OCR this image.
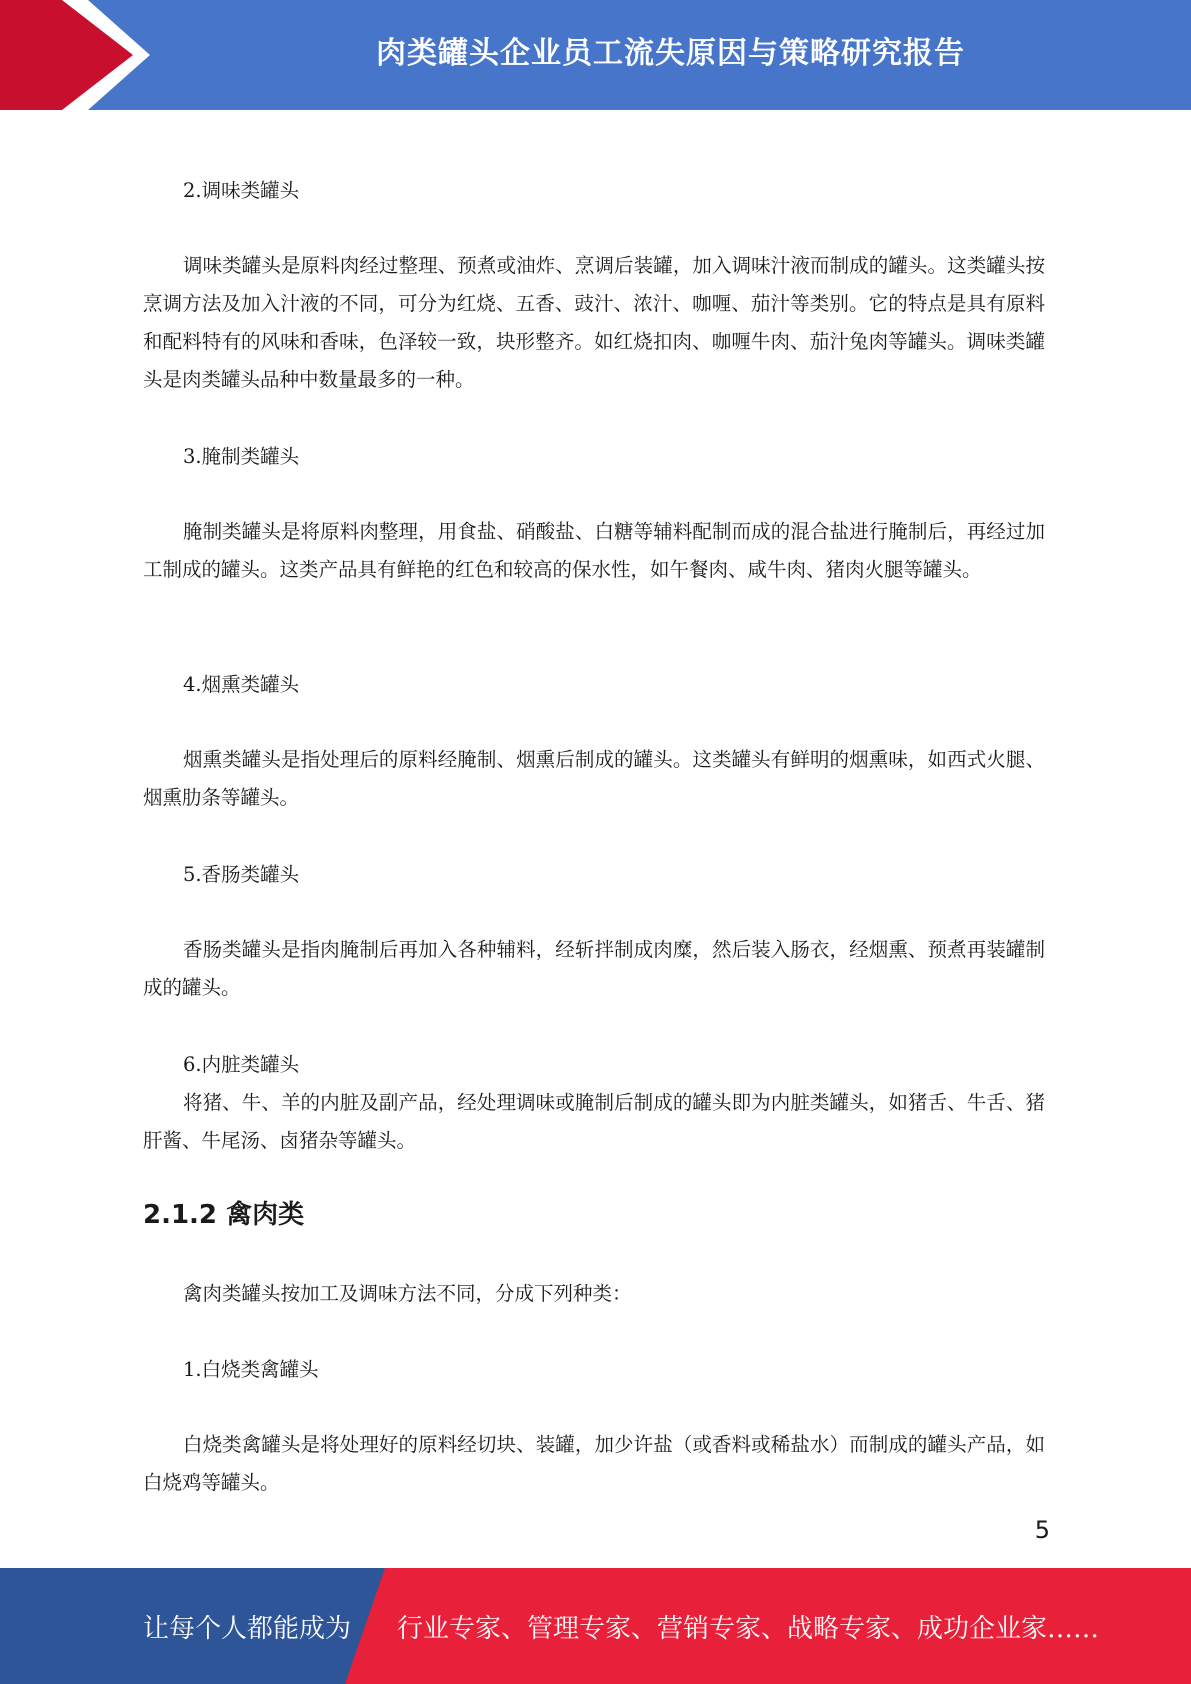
肉类罐头企业员工流失原因与策略研究报告

2.调味类罐头

调味类罐头是原料肉经过整理、预煮或油炸、烹调后装罐，加入调味汁液而制成的罐头。这类罐头按烹调方法及加入汁液的不同，可分为红烧、五香、豉汁、浓汁、咖喱、茄汁等类别。它的特点是具有原料和配料特有的风味和香味，色泽较一致，块形整齐。如红烧扣肉、咖喱牛肉、茄汁兔肉等罐头。调味类罐头是肉类罐头品种中数量最多的一种。

3.腌制类罐头

腌制类罐头是将原料肉整理，用食盐、硝酸盐、白糖等辅料配制而成的混合盐进行腌制后，再经过加工制成的罐头。这类产品具有鲜艳的红色和较高的保水性，如午餐肉、咸牛肉、猪肉火腿等罐头。

4.烟熏类罐头

烟熏类罐头是指处理后的原料经腌制、烟熏后制成的罐头。这类罐头有鲜明的烟熏味，如西式火腿、烟熏肋条等罐头。

5.香肠类罐头

香肠类罐头是指肉腌制后再加入各种辅料，经斩拌制成肉糜，然后装入肠衣，经烟熏、预煮再装罐制成的罐头。

6.内脏类罐头

将猪、牛、羊的内脏及副产品，经处理调味或腌制后制成的罐头即为内脏类罐头，如猪舌、牛舌、猪肝酱、牛尾汤、卤猪杂等罐头。

2.1.2 禽肉类

禽肉类罐头按加工及调味方法不同，分成下列种类：

1.白烧类禽罐头

白烧类禽罐头是将处理好的原料经切块、装罐，加少许盐（或香料或稀盐水）而制成的罐头产品，如白烧鸡等罐头。

5
让每个人都能成为 行业专家、管理专家、营销专家、战略专家、成功企业家……
